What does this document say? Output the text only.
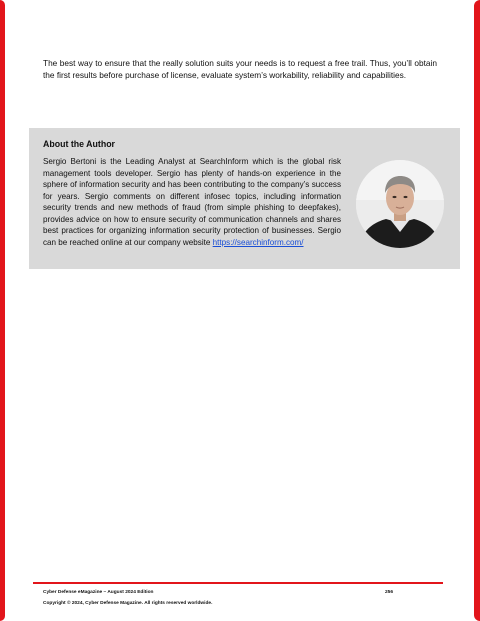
The best way to ensure that the really solution suits your needs is to request a free trail. Thus, you’ll obtain the first results before purchase of license, evaluate system’s workability, reliability and capabilities.

About the Author

Sergio Bertoni is the Leading Analyst at SearchInform which is the global risk management tools developer. Sergio has plenty of hands-on experience in the sphere of information security and has been contributing to the company’s success for years. Sergio comments on different infosec topics, including information security trends and new methods of fraud (from simple phishing to deepfakes), provides advice on how to ensure security of communication channels and shares best practices for organizing information security protection of businesses. Sergio can be reached online at our company website https://searchinform.com/

Cyber Defense eMagazine – August 2024 Edition	256

Copyright © 2024, Cyber Defense Magazine. All rights reserved worldwide.
